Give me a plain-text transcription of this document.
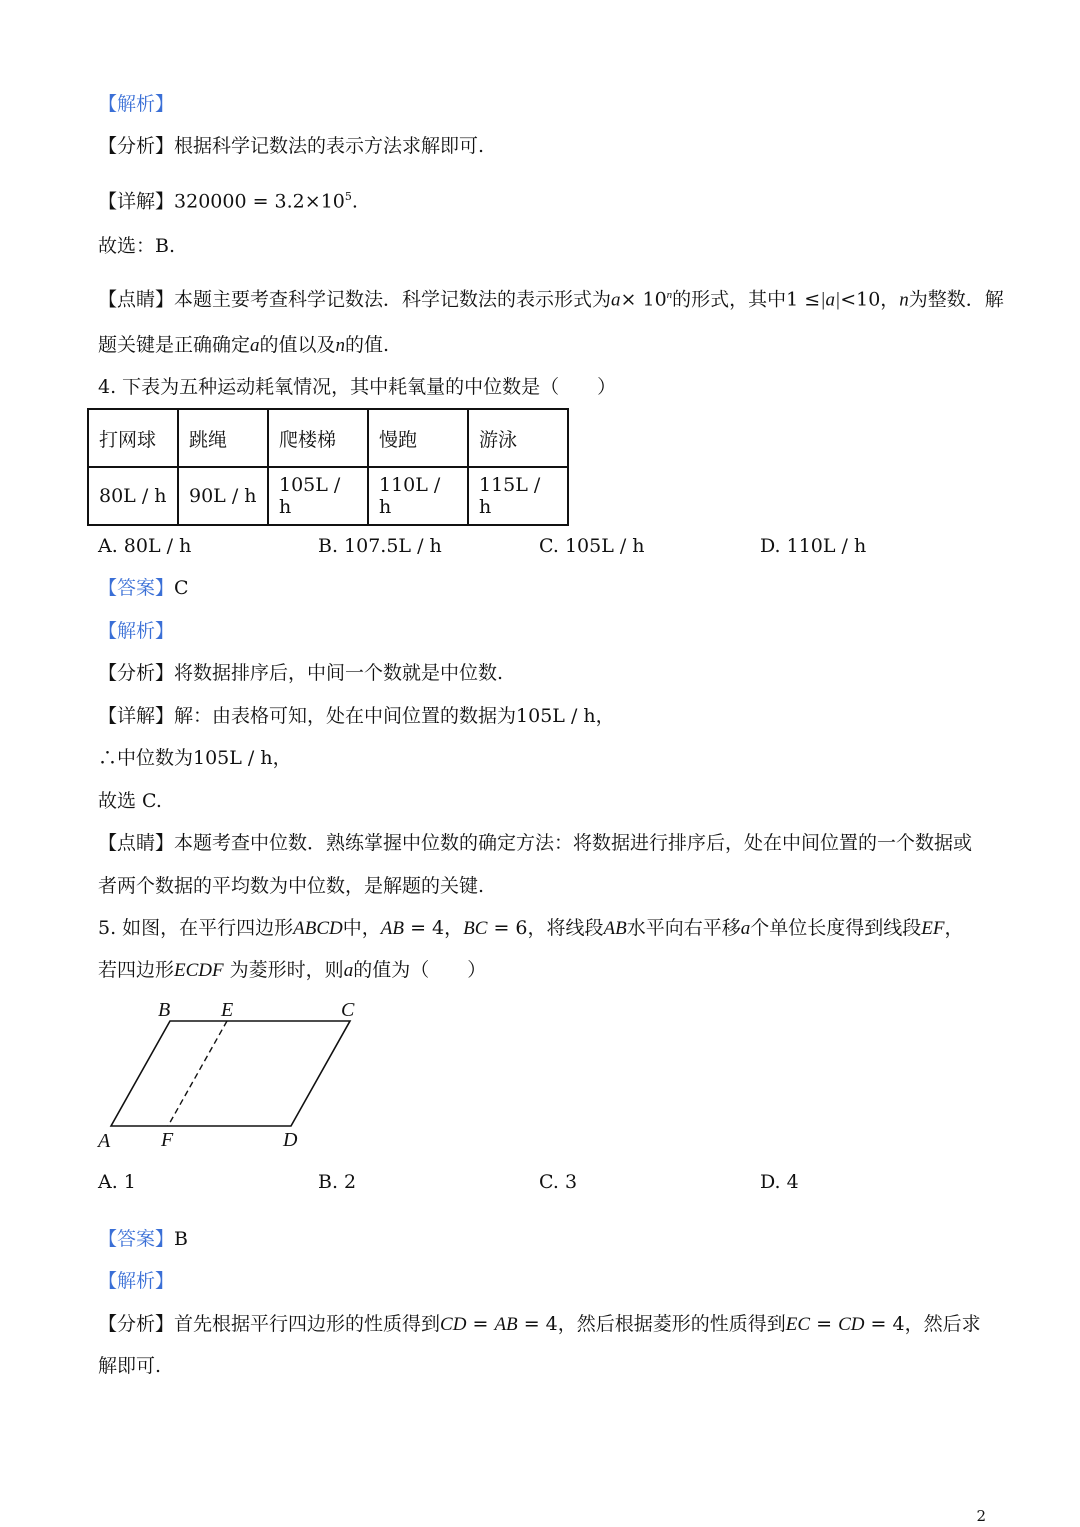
【解析】
【分析】根据科学记数法的表示方法求解即可.
【详解】$320000 = 3.2\times 10^5$.
故选：B.
【点睛】本题主要考查科学记数法．科学记数法的表示形式为$a\times 10^n$的形式，其中1 ≤|a|<10，n为整数．解
题关键是正确确定a的值以及n的值.
4. 下表为五种运动耗氧情况，其中耗氧量的中位数是（　　）
打网球	跳绳	爬楼梯	慢跑	游泳
80L / h	90L / h	105L / h	110L / h	115L / h
A. 80L / h	B. 107.5L / h	C. 105L / h	D. 110L / h
【答案】C
【解析】
【分析】将数据排序后，中间一个数就是中位数.
【详解】解：由表格可知，处在中间位置的数据为105L / h，
∴中位数为105L / h，
故选 C.
【点睛】本题考查中位数．熟练掌握中位数的确定方法：将数据进行排序后，处在中间位置的一个数据或
者两个数据的平均数为中位数，是解题的关键.
5. 如图，在平行四边形ABCD中，AB = 4，BC = 6，将线段AB水平向右平移a个单位长度得到线段EF，
若四边形ECDF 为菱形时，则a的值为（　　）
B	E	C
A	F	D
A. 1	B. 2	C. 3	D. 4
【答案】B
【解析】
【分析】首先根据平行四边形的性质得到CD = AB = 4，然后根据菱形的性质得到EC = CD = 4，然后求
解即可.
2
